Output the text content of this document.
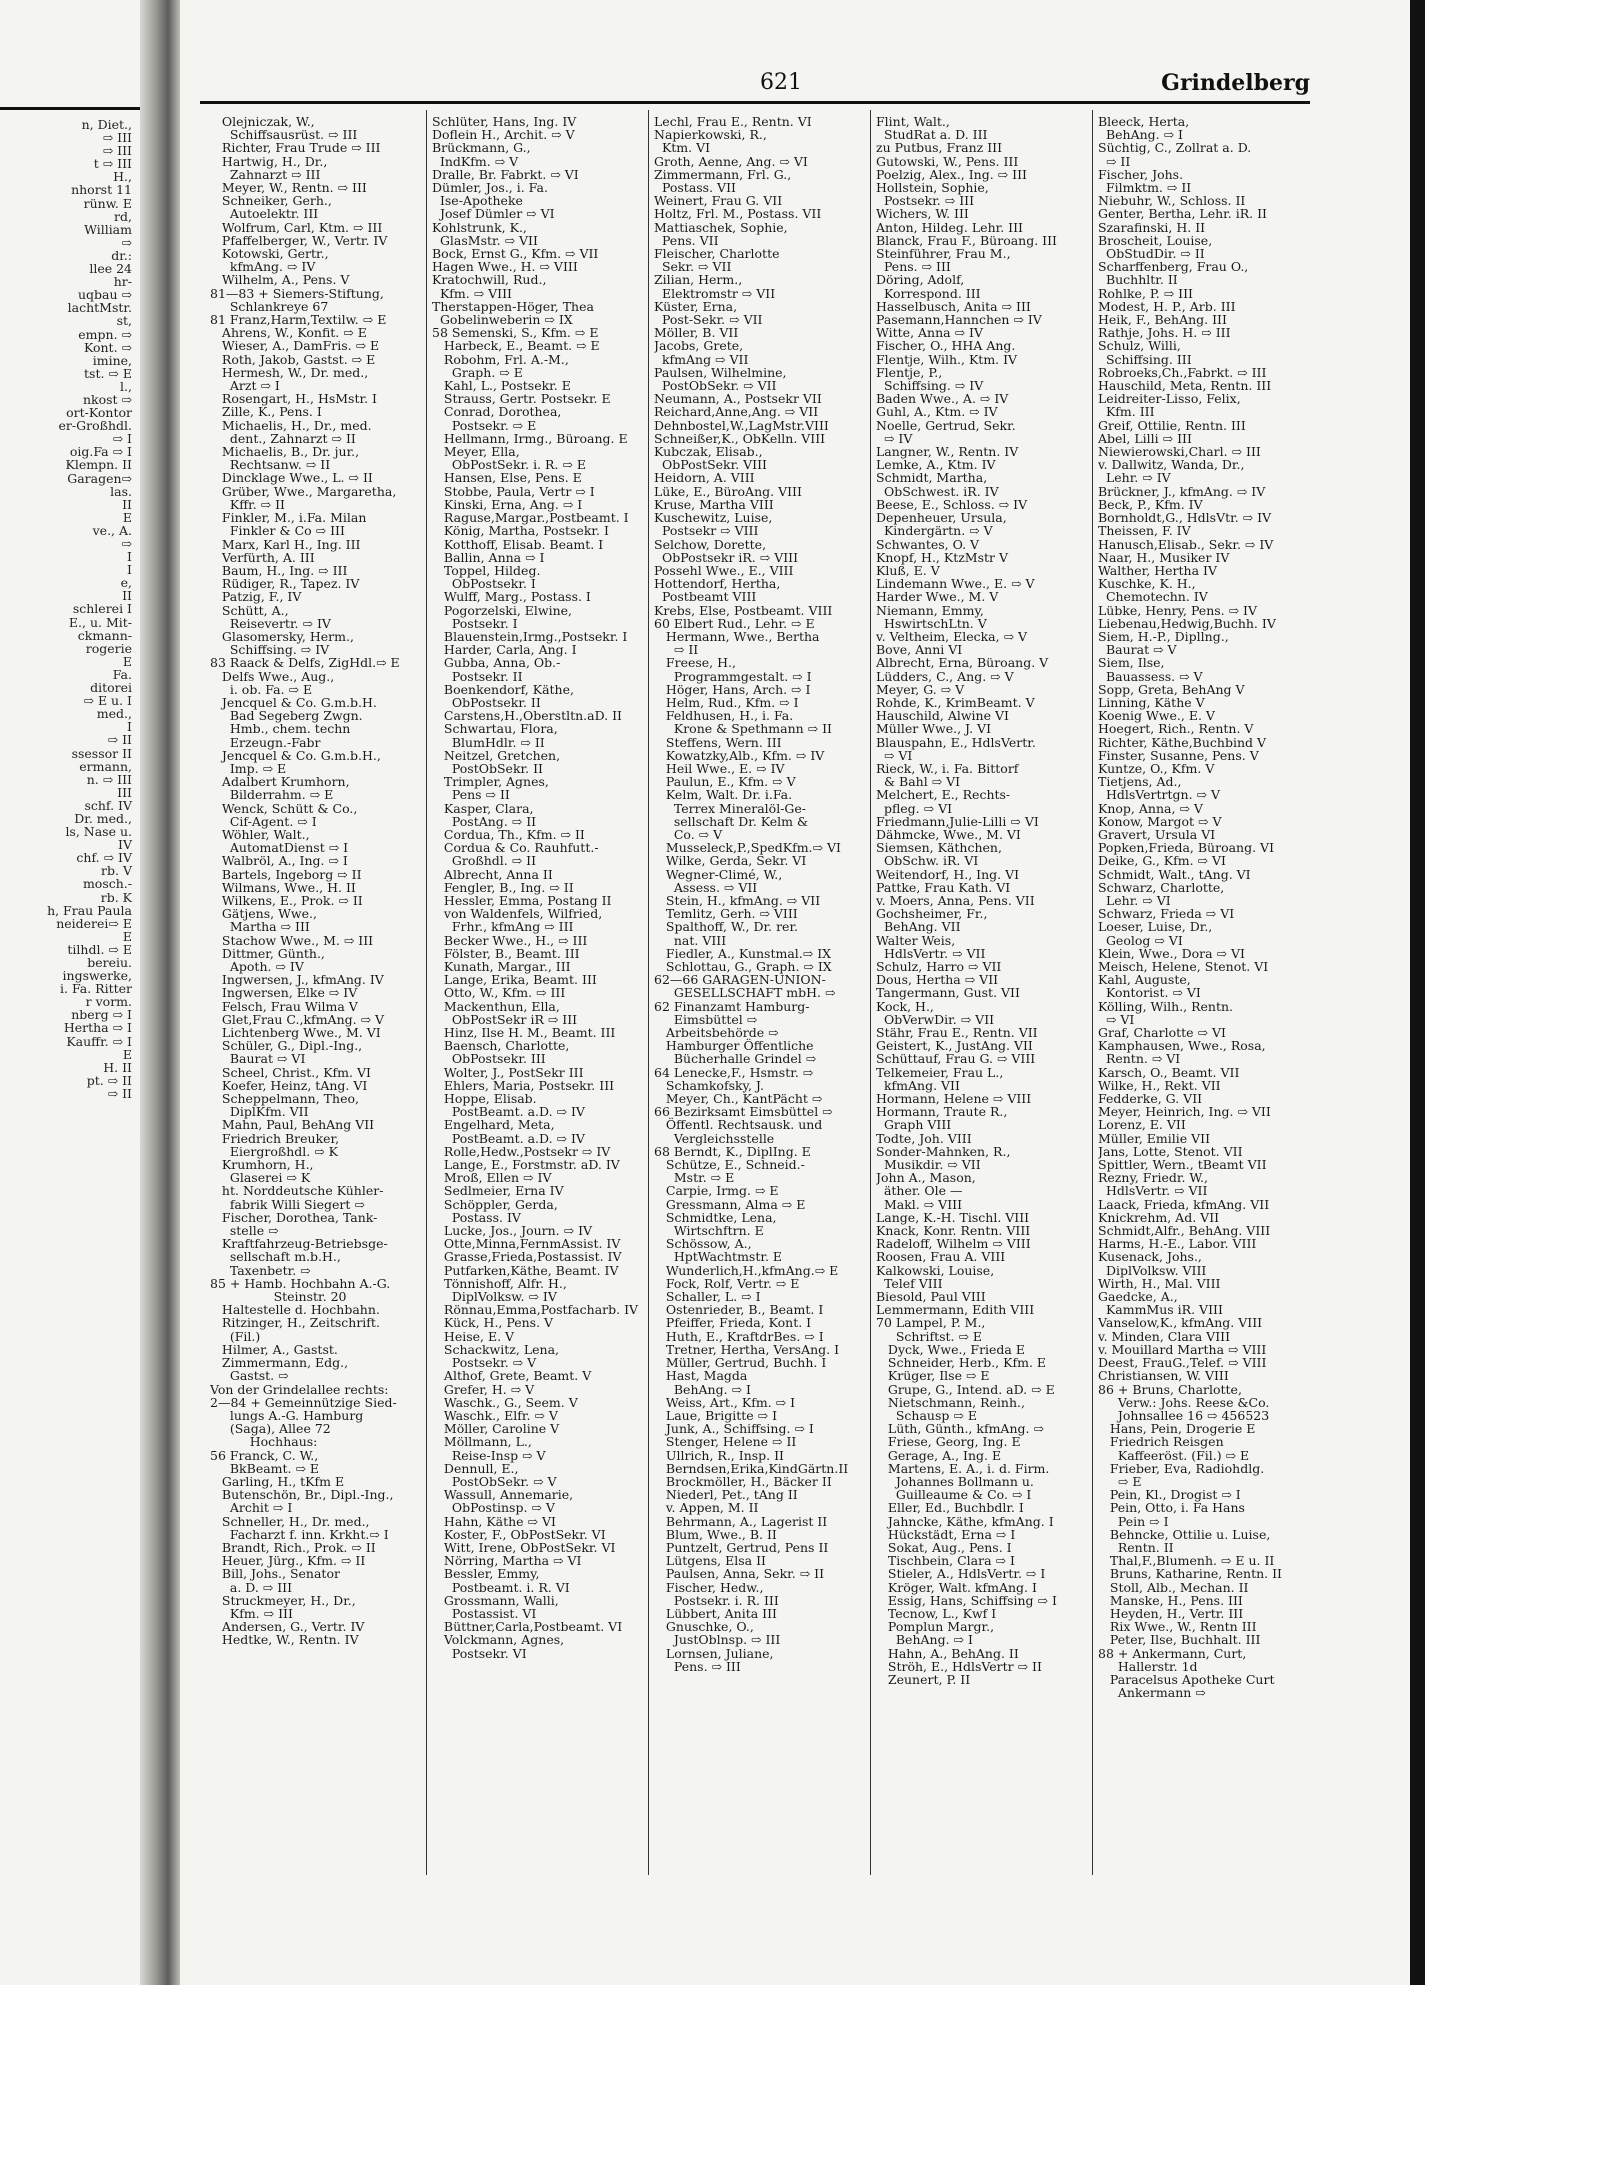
n, Diet.,
⇨ III
⇨ III
t ⇨ III
H.,
nhorst 11
rünw. E
rd,
William
⇨
dr.:
llee 24
hr-
uqbau ⇨
lachtMstr.
st,
empn. ⇨
Kont. ⇨
imine,
tst. ⇨ E
l.,
nkost ⇨
ort-Kontor
er-Großhdl.
⇨ I
oig.Fa ⇨ I
Klempn. II
Garagen⇨
las.
II
E
ve., A.
⇨
I
I
e,
II
schlerei I
E., u. Mit-
ckmann-
rogerie
E
Fa.
ditorei
⇨ E u. I
med.,
I
⇨ II
ssessor II
ermann,
n. ⇨ III
III
schf. IV
Dr. med.,
ls, Nase u.
IV
chf. ⇨ IV
rb. V
mosch.-
rb. K
h, Frau Paula
neiderei⇨ E
E
tilhdl. ⇨ E
bereiu.
ingswerke,
i. Fa. Ritter
r vorm.
nberg ⇨ I
Hertha ⇨ I
Kauffr. ⇨ I
E
H. II
pt. ⇨ II
⇨ II
621	Grindelberg
Olejniczak, W.,
Schiffsausrüst. ⇨ III
Richter, Frau Trude ⇨ III
Hartwig, H., Dr.,
Zahnarzt ⇨ III
Meyer, W., Rentn. ⇨ III
Schneiker, Gerh.,
Autoelektr. III
Wolfrum, Carl, Ktm. ⇨ III
Pfaffelberger, W., Vertr. IV
Kotowski, Gertr.,
kfmAng. ⇨ IV
Wilhelm, A., Pens. V
81—83 + Siemers-Stiftung,
Schlankreye 67
81 Franz,Harm,Textilw. ⇨ E
Ahrens, W., Konfit. ⇨ E
Wieser, A., DamFris. ⇨ E
Roth, Jakob, Gastst. ⇨ E
Hermesh, W., Dr. med.,
Arzt ⇨ I
Rosengart, H., HsMstr. I
Zille, K., Pens. I
Michaelis, H., Dr., med.
dent., Zahnarzt ⇨ II
Michaelis, B., Dr. jur.,
Rechtsanw. ⇨ II
Dincklage Wwe., L. ⇨ II
Grüber, Wwe., Margaretha,
Kffr. ⇨ II
Finkler, M., i.Fa. Milan
Finkler & Co ⇨ III
Marx, Karl H., Ing. III
Verfürth, A. III
Baum, H., Ing. ⇨ III
Rüdiger, R., Tapez. IV
Patzig, F., IV
Schütt, A.,
Reisevertr. ⇨ IV
Glasomersky, Herm.,
Schiffsing. ⇨ IV
83 Raack & Delfs, ZigHdl.⇨ E
Delfs Wwe., Aug.,
i. ob. Fa. ⇨ E
Jencquel & Co. G.m.b.H.
Bad Segeberg Zwgn.
Hmb., chem. techn
Erzeugn.-Fabr
Jencquel & Co. G.m.b.H.,
Imp. ⇨ E
Adalbert Krumhorn,
Bilderrahm. ⇨ E
Wenck, Schütt & Co.,
Cif-Agent. ⇨ I
Wöhler, Walt.,
AutomatDienst ⇨ I
Walbröl, A., Ing. ⇨ I
Bartels, Ingeborg ⇨ II
Wilmans, Wwe., H. II
Wilkens, E., Prok. ⇨ II
Gätjens, Wwe.,
Martha ⇨ III
Stachow Wwe., M. ⇨ III
Dittmer, Günth.,
Apoth. ⇨ IV
Ingwersen, J., kfmAng. IV
Ingwersen, Elke ⇨ IV
Felsch, Frau Wilma V
Glet,Frau C.,kfmAng. ⇨ V
Lichtenberg Wwe., M. VI
Schüler, G., Dipl.-Ing.,
Baurat ⇨ VI
Scheel, Christ., Kfm. VI
Koefer, Heinz, tAng. VI
Scheppelmann, Theo,
DiplKfm. VII
Mahn, Paul, BehAng VII
Friedrich Breuker,
Eiergroßhdl. ⇨ K
Krumhorn, H.,
Glaserei ⇨ K
ht. Norddeutsche Kühler-
fabrik Willi Siegert ⇨
Fischer, Dorothea, Tank-
stelle ⇨
Kraftfahrzeug-Betriebsge-
sellschaft m.b.H.,
Taxenbetr. ⇨
85 + Hamb. Hochbahn A.-G.
Steinstr. 20
Haltestelle d. Hochbahn.
Ritzinger, H., Zeitschrift.
(Fil.)
Hilmer, A., Gastst.
Zimmermann, Edg.,
Gastst. ⇨
Von der Grindelallee rechts:
2—84 + Gemeinnützige Sied-
lungs A.-G. Hamburg
(Saga), Allee 72
Hochhaus:
56 Franck, C. W.,
BkBeamt. ⇨ E
Garling, H., tKfm E
Butenschön, Br., Dipl.-Ing.,
Archit ⇨ I
Schneller, H., Dr. med.,
Facharzt f. inn. Krkht.⇨ I
Brandt, Rich., Prok. ⇨ II
Heuer, Jürg., Kfm. ⇨ II
Bill, Johs., Senator
a. D. ⇨ III
Struckmeyer, H., Dr.,
Kfm. ⇨ III
Andersen, G., Vertr. IV
Hedtke, W., Rentn. IV
Schlüter, Hans, Ing. IV
Doflein H., Archit. ⇨ V
Brückmann, G.,
IndKfm. ⇨ V
Dralle, Br. Fabrkt. ⇨ VI
Dümler, Jos., i. Fa.
Ise-Apotheke
Josef Dümler ⇨ VI
Kohlstrunk, K.,
GlasMstr. ⇨ VII
Bock, Ernst G., Kfm. ⇨ VII
Hagen Wwe., H. ⇨ VIII
Kratochwill, Rud.,
Kfm. ⇨ VIII
Therstappen-Höger, Thea
Gobelinweberin ⇨ IX
58 Semenski, S., Kfm. ⇨ E
Harbeck, E., Beamt. ⇨ E
Robohm, Frl. A.-M.,
Graph. ⇨ E
Kahl, L., Postsekr. E
Strauss, Gertr. Postsekr. E
Conrad, Dorothea,
Postsekr. ⇨ E
Hellmann, Irmg., Büroang. E
Meyer, Ella,
ObPostSekr. i. R. ⇨ E
Hansen, Else, Pens. E
Stobbe, Paula, Vertr ⇨ I
Kinski, Erna, Ang. ⇨ I
Raguse,Margar.,Postbeamt. I
König, Martha, Postsekr. I
Kotthoff, Elisab. Beamt. I
Ballin, Anna ⇨ I
Toppel, Hildeg.
ObPostsekr. I
Wulff, Marg., Postass. I
Pogorzelski, Elwine,
Postsekr. I
Blauenstein,Irmg.,Postsekr. I
Harder, Carla, Ang. I
Gubba, Anna, Ob.-
Postsekr. II
Boenkendorf, Käthe,
ObPostsekr. II
Carstens,H.,Oberstltn.aD. II
Schwartau, Flora,
BlumHdlr. ⇨ II
Neitzel, Gretchen,
PostObSekr. II
Trimpler, Agnes,
Pens ⇨ II
Kasper, Clara,
PostAng. ⇨ II
Cordua, Th., Kfm. ⇨ II
Cordua & Co. Rauhfutt.-
Großhdl. ⇨ II
Albrecht, Anna II
Fengler, B., Ing. ⇨ II
Hessler, Emma, Postang II
von Waldenfels, Wilfried,
Frhr., kfmAng ⇨ III
Becker Wwe., H., ⇨ III
Fölster, B., Beamt. III
Kunath, Margar., III
Lange, Erika, Beamt. III
Otto, W., Kfm. ⇨ III
Mackenthun, Ella,
ObPostSekr iR ⇨ III
Hinz, Ilse H. M., Beamt. III
Baensch, Charlotte,
ObPostsekr. III
Wolter, J., PostSekr III
Ehlers, Maria, Postsekr. III
Hoppe, Elisab.
PostBeamt. a.D. ⇨ IV
Engelhard, Meta,
PostBeamt. a.D. ⇨ IV
Rolle,Hedw.,Postsekr ⇨ IV
Lange, E., Forstmstr. aD. IV
Mroß, Ellen ⇨ IV
Sedlmeier, Erna IV
Schöppler, Gerda,
Postass. IV
Lucke, Jos., Journ. ⇨ IV
Otte,Minna,FernmAssist. IV
Grasse,Frieda,Postassist. IV
Putfarken,Käthe, Beamt. IV
Tönnishoff, Alfr. H.,
DiplVolksw. ⇨ IV
Rönnau,Emma,Postfacharb. IV
Kück, H., Pens. V
Heise, E. V
Schackwitz, Lena,
Postsekr. ⇨ V
Althof, Grete, Beamt. V
Grefer, H. ⇨ V
Waschk., G., Seem. V
Waschk., Elfr. ⇨ V
Möller, Caroline V
Möllmann, L.,
Reise-Insp ⇨ V
Dennull, E.,
PostObSekr. ⇨ V
Wassull, Annemarie,
ObPostinsp. ⇨ V
Hahn, Käthe ⇨ VI
Koster, F., ObPostSekr. VI
Witt, Irene, ObPostSekr. VI
Nörring, Martha ⇨ VI
Bessler, Emmy,
Postbeamt. i. R. VI
Grossmann, Walli,
Postassist. VI
Büttner,Carla,Postbeamt. VI
Volckmann, Agnes,
Postsekr. VI
Lechl, Frau E., Rentn. VI
Napierkowski, R.,
Ktm. VI
Groth, Aenne, Ang. ⇨ VI
Zimmermann, Frl. G.,
Postass. VII
Weinert, Frau G. VII
Holtz, Frl. M., Postass. VII
Mattiaschek, Sophie,
Pens. VII
Fleischer, Charlotte
Sekr. ⇨ VII
Zilian, Herm.,
Elektromstr ⇨ VII
Küster, Erna,
Post-Sekr. ⇨ VII
Möller, B. VII
Jacobs, Grete,
kfmAng ⇨ VII
Paulsen, Wilhelmine,
PostObSekr. ⇨ VII
Neumann, A., Postsekr VII
Reichard,Anne,Ang. ⇨ VII
Dehnbostel,W.,LagMstr.VIII
Schneißer,K., ObKelln. VIII
Kubczak, Elisab.,
ObPostSekr. VIII
Heidorn, A. VIII
Lüke, E., BüroAng. VIII
Kruse, Martha VIII
Kuschewitz, Luise,
Postsekr ⇨ VIII
Selchow, Dorette,
ObPostsekr iR. ⇨ VIII
Possehl Wwe., E., VIII
Hottendorf, Hertha,
Postbeamt VIII
Krebs, Else, Postbeamt. VIII
60 Elbert Rud., Lehr. ⇨ E
Hermann, Wwe., Bertha
⇨ II
Freese, H.,
Programmgestalt. ⇨ I
Höger, Hans, Arch. ⇨ I
Helm, Rud., Kfm. ⇨ I
Feldhusen, H., i. Fa.
Krone & Spethmann ⇨ II
Steffens, Wern. III
Kowatzky,Alb., Kfm. ⇨ IV
Heil Wwe., E. ⇨ IV
Paulun, E., Kfm. ⇨ V
Kelm, Walt. Dr. i.Fa.
Terrex Mineralöl-Ge-
sellschaft Dr. Kelm &
Co. ⇨ V
Musseleck,P.,SpedKfm.⇨ VI
Wilke, Gerda, Sekr. VI
Wegner-Climé, W.,
Assess. ⇨ VII
Stein, H., kfmAng. ⇨ VII
Temlitz, Gerh. ⇨ VIII
Spalthoff, W., Dr. rer.
nat. VIII
Fiedler, A., Kunstmal.⇨ IX
Schlottau, G., Graph. ⇨ IX
62—66 GARAGEN-UNION-
GESELLSCHAFT mbH. ⇨
62 Finanzamt Hamburg-
Eimsbüttel ⇨
Arbeitsbehörde ⇨
Hamburger Öffentliche
Bücherhalle Grindel ⇨
64 Lenecke,F., Hsmstr. ⇨
Schamkofsky, J.
Meyer, Ch., KantPächt ⇨
66 Bezirksamt Eimsbüttel ⇨
Öffentl. Rechtsausk. und
Vergleichsstelle
68 Berndt, K., DiplIng. E
Schütze, E., Schneid.-
Mstr. ⇨ E
Carpie, Irmg. ⇨ E
Gressmann, Alma ⇨ E
Schmidtke, Lena,
Wirtschftrn. E
Schössow, A.,
HptWachtmstr. E
Wunderlich,H.,kfmAng.⇨ E
Fock, Rolf, Vertr. ⇨ E
Schaller, L. ⇨ I
Ostenrieder, B., Beamt. I
Pfeiffer, Frieda, Kont. I
Huth, E., KraftdrBes. ⇨ I
Tretner, Hertha, VersAng. I
Müller, Gertrud, Buchh. I
Hast, Magda
BehAng. ⇨ I
Weiss, Art., Kfm. ⇨ I
Laue, Brigitte ⇨ I
Junk, A., Schiffsing. ⇨ I
Stenger, Helene ⇨ II
Ullrich, R., Insp. II
Berndsen,Erika,KindGärtn.II
Brockmöller, H., Bäcker II
Niederl, Pet., tAng II
v. Appen, M. II
Behrmann, A., Lagerist II
Blum, Wwe., B. II
Puntzelt, Gertrud, Pens II
Lütgens, Elsa II
Paulsen, Anna, Sekr. ⇨ II
Fischer, Hedw.,
Postsekr. i. R. III
Lübbert, Anita III
Gnuschke, O.,
JustOblnsp. ⇨ III
Lornsen, Juliane,
Pens. ⇨ III
Flint, Walt.,
StudRat a. D. III
zu Putbus, Franz III
Gutowski, W., Pens. III
Poelzig, Alex., Ing. ⇨ III
Hollstein, Sophie,
Postsekr. ⇨ III
Wichers, W. III
Anton, Hildeg. Lehr. III
Blanck, Frau F., Büroang. III
Steinführer, Frau M.,
Pens. ⇨ III
Döring, Adolf,
Korrespond. III
Hasselbusch, Anita ⇨ III
Pasemann,Hannchen ⇨ IV
Witte, Anna ⇨ IV
Fischer, O., HHA Ang.
Flentje, Wilh., Ktm. IV
Flentje, P.,
Schiffsing. ⇨ IV
Baden Wwe., A. ⇨ IV
Guhl, A., Ktm. ⇨ IV
Noelle, Gertrud, Sekr.
⇨ IV
Langner, W., Rentn. IV
Lemke, A., Ktm. IV
Schmidt, Martha,
ObSchwest. iR. IV
Beese, E., Schloss. ⇨ IV
Depenheuer, Ursula,
Kindergärtn. ⇨ V
Schwantes, O. V
Knopf, H., KtzMstr V
Kluß, E. V
Lindemann Wwe., E. ⇨ V
Harder Wwe., M. V
Niemann, Emmy,
HswirtschLtn. V
v. Veltheim, Elecka, ⇨ V
Bove, Anni VI
Albrecht, Erna, Büroang. V
Lüdders, C., Ang. ⇨ V
Meyer, G. ⇨ V
Rohde, K., KrimBeamt. V
Hauschild, Alwine VI
Müller Wwe., J. VI
Blauspahn, E., HdlsVertr.
⇨ VI
Rieck, W., i. Fa. Bittorf
& Bahl ⇨ VI
Melchert, E., Rechts-
pfleg. ⇨ VI
Friedmann,Julie-Lilli ⇨ VI
Dähmcke, Wwe., M. VI
Siemsen, Käthchen,
ObSchw. iR. VI
Weitendorf, H., Ing. VI
Pattke, Frau Kath. VI
v. Moers, Anna, Pens. VII
Gochsheimer, Fr.,
BehAng. VII
Walter Weis,
HdlsVertr. ⇨ VII
Schulz, Harro ⇨ VII
Dous, Hertha ⇨ VII
Tangermann, Gust. VII
Kock, H.,
ObVerwDir. ⇨ VII
Stähr, Frau E., Rentn. VII
Geistert, K., JustAng. VII
Schüttauf, Frau G. ⇨ VIII
Telkemeier, Frau L.,
kfmAng. VII
Hormann, Helene ⇨ VIII
Hormann, Traute R.,
Graph VIII
Todte, Joh. VIII
Sonder-Mahnken, R.,
Musikdir. ⇨ VII
John A., Mason,
äther. Ole —
Makl. ⇨ VIII
Lange, K.-H. Tischl. VIII
Knack, Konr. Rentn. VIII
Radeloff, Wilhelm ⇨ VIII
Roosen, Frau A. VIII
Kalkowski, Louise,
Telef VIII
Biesold, Paul VIII
Lemmermann, Edith VIII
70 Lampel, P. M.,
Schriftst. ⇨ E
Dyck, Wwe., Frieda E
Schneider, Herb., Kfm. E
Krüger, Ilse ⇨ E
Grupe, G., Intend. aD. ⇨ E
Nietschmann, Reinh.,
Schausp ⇨ E
Lüth, Günth., kfmAng. ⇨
Friese, Georg, Ing. E
Gerage, A., Ing. E
Martens, E. A., i. d. Firm.
Johannes Bollmann u.
Guilleaume & Co. ⇨ I
Eller, Ed., Buchbdlr. I
Jahncke, Käthe, kfmAng. I
Hückstädt, Erna ⇨ I
Sokat, Aug., Pens. I
Tischbein, Clara ⇨ I
Stieler, A., HdlsVertr. ⇨ I
Kröger, Walt. kfmAng. I
Essig, Hans, Schiffsing ⇨ I
Tecnow, L., Kwf I
Pomplun Margr.,
BehAng. ⇨ I
Hahn, A., BehAng. II
Ströh, E., HdlsVertr ⇨ II
Zeunert, P. II
Bleeck, Herta,
BehAng. ⇨ I
Süchtig, C., Zollrat a. D.
⇨ II
Fischer, Johs.
Filmktm. ⇨ II
Niebuhr, W., Schloss. II
Genter, Bertha, Lehr. iR. II
Szarafinski, H. II
Broscheit, Louise,
ObStudDir. ⇨ II
Scharffenberg, Frau O.,
Buchhltr. II
Rohlke, P. ⇨ III
Modest, H. P., Arb. III
Heik, F., BehAng. III
Rathje, Johs. H. ⇨ III
Schulz, Willi,
Schiffsing. III
Robroeks,Ch.,Fabrkt. ⇨ III
Hauschild, Meta, Rentn. III
Leidreiter-Lisso, Felix,
Kfm. III
Greif, Ottilie, Rentn. III
Abel, Lilli ⇨ III
Niewierowski,Charl. ⇨ III
v. Dallwitz, Wanda, Dr.,
Lehr. ⇨ IV
Brückner, J., kfmAng. ⇨ IV
Beck, P., Kfm. IV
Bornholdt,G., HdlsVtr. ⇨ IV
Theissen, F. IV
Hanusch,Elisab., Sekr. ⇨ IV
Naar, H., Musiker IV
Walther, Hertha IV
Kuschke, K. H.,
Chemotechn. IV
Lübke, Henry, Pens. ⇨ IV
Liebenau,Hedwig,Buchh. IV
Siem, H.-P., Dipllng.,
Baurat ⇨ V
Siem, Ilse,
Bauassess. ⇨ V
Sopp, Greta, BehAng V
Linning, Käthe V
Koenig Wwe., E. V
Hoegert, Rich., Rentn. V
Richter, Käthe,Buchbind V
Finster, Susanne, Pens. V
Kuntze, O., Kfm. V
Tietjens, Ad.,
HdlsVertrtgn. ⇨ V
Knop, Anna, ⇨ V
Konow, Margot ⇨ V
Gravert, Ursula VI
Popken,Frieda, Büroang. VI
Deike, G., Kfm. ⇨ VI
Schmidt, Walt., tAng. VI
Schwarz, Charlotte,
Lehr. ⇨ VI
Schwarz, Frieda ⇨ VI
Loeser, Luise, Dr.,
Geolog ⇨ VI
Klein, Wwe., Dora ⇨ VI
Meisch, Helene, Stenot. VI
Kahl, Auguste,
Kontorist. ⇨ VI
Kölling, Wilh., Rentn.
⇨ VI
Graf, Charlotte ⇨ VI
Kamphausen, Wwe., Rosa,
Rentn. ⇨ VI
Karsch, O., Beamt. VII
Wilke, H., Rekt. VII
Fedderke, G. VII
Meyer, Heinrich, Ing. ⇨ VII
Lorenz, E. VII
Müller, Emilie VII
Jans, Lotte, Stenot. VII
Spittler, Wern., tBeamt VII
Rezny, Friedr. W.,
HdlsVertr. ⇨ VII
Laack, Frieda, kfmAng. VII
Knickrehm, Ad. VII
Schmidt,Alfr., BehAng. VIII
Harms, H.-E., Labor. VIII
Kusenack, Johs.,
DiplVolksw. VIII
Wirth, H., Mal. VIII
Gaedcke, A.,
KammMus iR. VIII
Vanselow,K., kfmAng. VIII
v. Minden, Clara VIII
v. Mouillard Martha ⇨ VIII
Deest, FrauG.,Telef. ⇨ VIII
Christiansen, W. VIII
86 + Bruns, Charlotte,
Verw.: Johs. Reese &Co.
Johnsallee 16 ⇨ 456523
Hans, Pein, Drogerie E
Friedrich Reisgen
Kaffeeröst. (Fil.) ⇨ E
Frieber, Eva, Radiohdlg.
⇨ E
Pein, Kl., Drogist ⇨ I
Pein, Otto, i. Fa Hans
Pein ⇨ I
Behncke, Ottilie u. Luise,
Rentn. II
Thal,F.,Blumenh. ⇨ E u. II
Bruns, Katharine, Rentn. II
Stoll, Alb., Mechan. II
Manske, H., Pens. III
Heyden, H., Vertr. III
Rix Wwe., W., Rentn III
Peter, Ilse, Buchhalt. III
88 + Ankermann, Curt,
Hallerstr. 1d
Paracelsus Apotheke Curt
Ankermann ⇨
